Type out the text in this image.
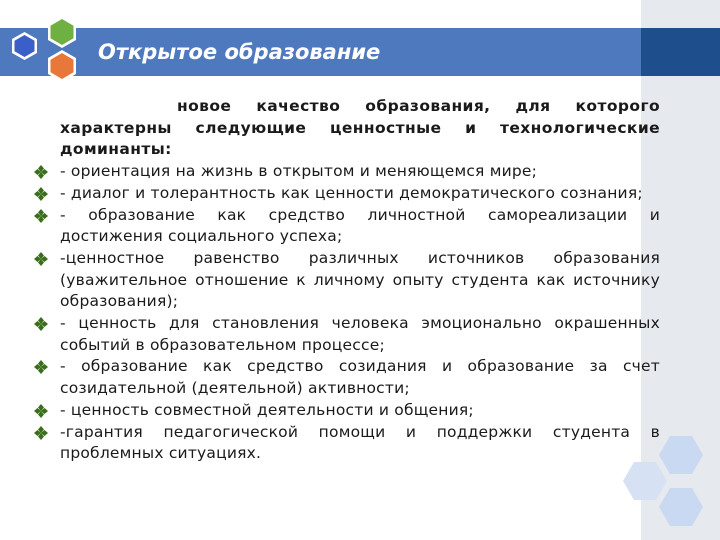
Открытое образование
новое качество образования, для которого характерны следующие ценностные и технологические доминанты:
- ориентация на жизнь в открытом и меняющемся мире;
- диалог и толерантность как ценности демократического сознания;
- образование как средство личностной самореализации и достижения социального успеха;
-ценностное равенство различных источников образования (уважительное отношение к личному опыту студента как источнику образования);
- ценность для становления человека эмоционально окрашенных событий в образовательном процессе;
- образование как средство созидания и образование за счет созидательной (деятельной) активности;
- ценность совместной деятельности и общения;
-гарантия педагогической помощи и поддержки студента в проблемных ситуациях.
